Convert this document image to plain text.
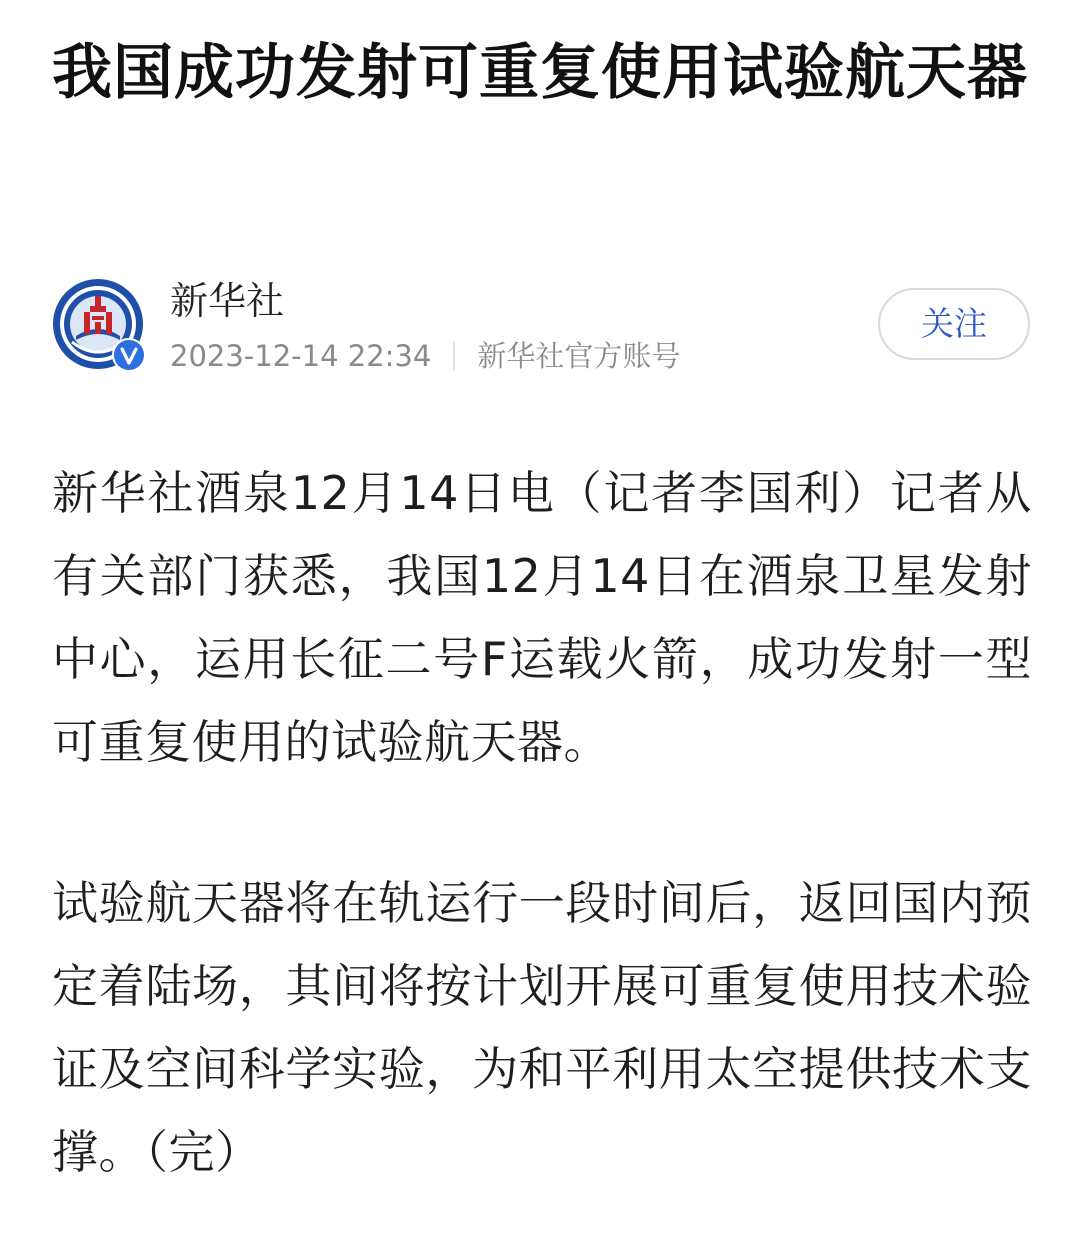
我国成功发射可重复使用试验航天器
新华社
2023-12-14 22:34 新华社官方账号
关注

新华社酒泉12月14日电（记者李国利）记者从有关部门获悉，我国12月14日在酒泉卫星发射中心，运用长征二号F运载火箭，成功发射一型可重复使用的试验航天器。

试验航天器将在轨运行一段时间后，返回国内预定着陆场，其间将按计划开展可重复使用技术验证及空间科学实验，为和平利用太空提供技术支撑。（完）
